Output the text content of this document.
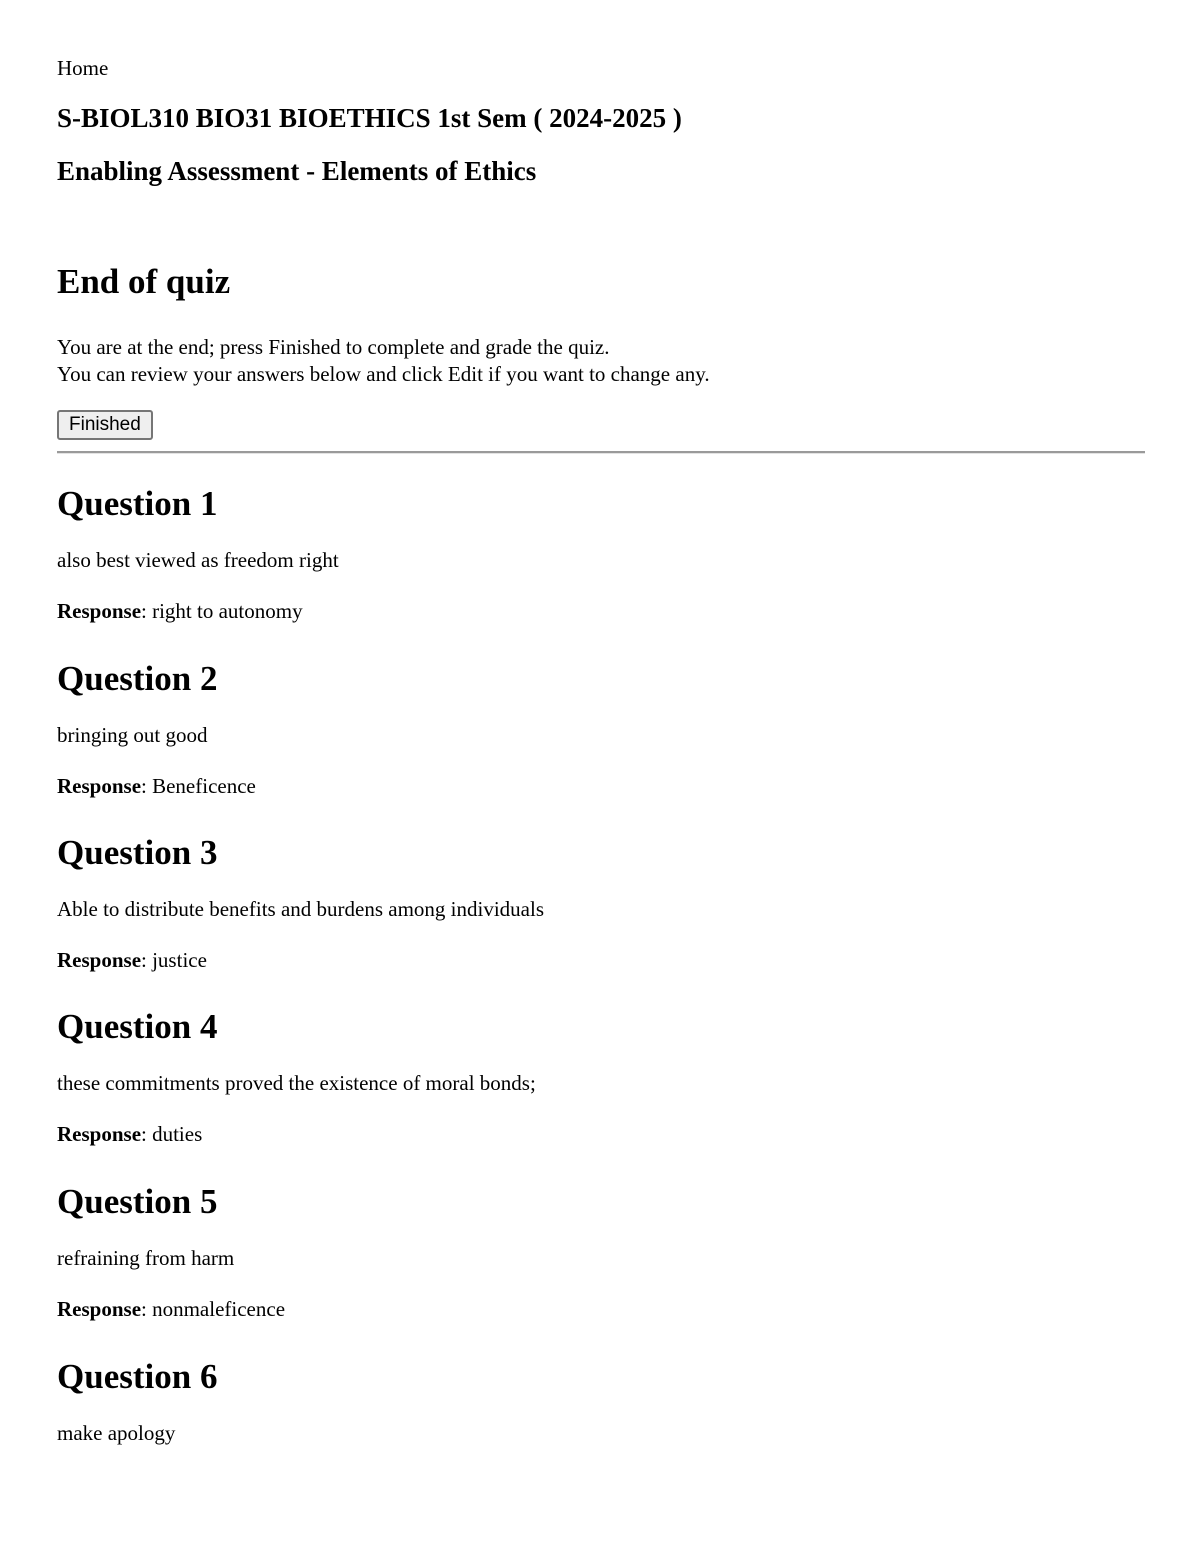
Home
S-BIOL310 BIO31 BIOETHICS 1st Sem ( 2024-2025 )
Enabling Assessment - Elements of Ethics
End of quiz

You are at the end; press Finished to complete and grade the quiz.
You can review your answers below and click Edit if you want to change any.

Finished
Question 1

also best viewed as freedom right

Response: right to autonomy

Question 2

bringing out good

Response: Beneficence

Question 3

Able to distribute benefits and burdens among individuals

Response: justice

Question 4

these commitments proved the existence of moral bonds;

Response: duties

Question 5

refraining from harm

Response: nonmaleficence

Question 6

make apology
